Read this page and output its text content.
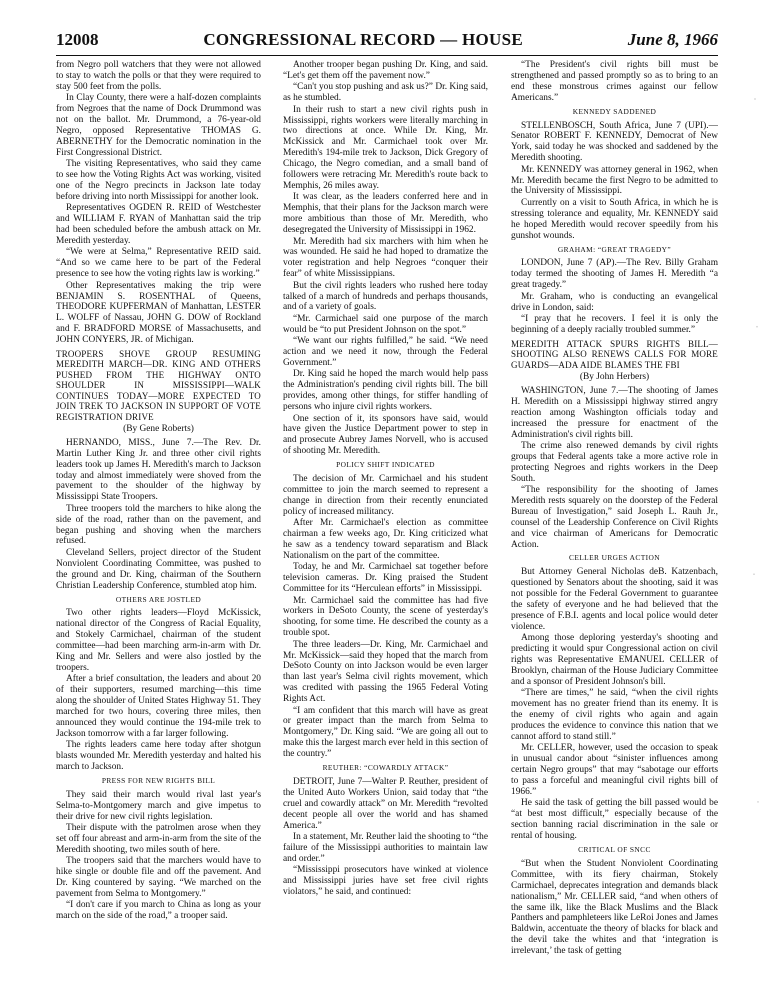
12008	CONGRESSIONAL RECORD — HOUSE	June 8, 1966

from Negro poll watchers that they were not allowed to stay to watch the polls or that they were required to stay 500 feet from the polls.

In Clay County, there were a half-dozen complaints from Negroes that the name of Dock Drummond was not on the ballot. Mr. Drummond, a 76-year-old Negro, opposed Representative THOMAS G. ABERNETHY for the Democratic nomination in the First Congressional District.

The visiting Representatives, who said they came to see how the Voting Rights Act was working, visited one of the Negro precincts in Jackson late today before driving into north Mississippi for another look.

Representatives OGDEN R. REID of Westchester and WILLIAM F. RYAN of Manhattan said the trip had been scheduled before the ambush attack on Mr. Meredith yesterday.

“We were at Selma,” Representative REID said. “And so we came here to be part of the Federal presence to see how the voting rights law is working.”

Other Representatives making the trip were BENJAMIN S. ROSENTHAL of Queens, THEODORE KUPFERMAN of Manhattan, LESTER L. WOLFF of Nassau, JOHN G. DOW of Rockland and F. BRADFORD MORSE of Massachusetts, and JOHN CONYERS, JR. of Michigan.

TROOPERS SHOVE GROUP RESUMING MEREDITH MARCH—DR. KING AND OTHERS PUSHED FROM THE HIGHWAY ONTO SHOULDER IN MISSISSIPPI—WALK CONTINUES TODAY—MORE EXPECTED TO JOIN TREK TO JACKSON IN SUPPORT OF VOTE REGISTRATION DRIVE
(By Gene Roberts)

HERNANDO, MISS., June 7.—The Rev. Dr. Martin Luther King Jr. and three other civil rights leaders took up James H. Meredith's march to Jackson today and almost immediately were shoved from the pavement to the shoulder of the highway by Mississippi State Troopers.

Three troopers told the marchers to hike along the side of the road, rather than on the pavement, and began pushing and shoving when the marchers refused.

Cleveland Sellers, project director of the Student Nonviolent Coordinating Committee, was pushed to the ground and Dr. King, chairman of the Southern Christian Leadership Conference, stumbled atop him.

OTHERS ARE JOSTLED

Two other rights leaders—Floyd McKissick, national director of the Congress of Racial Equality, and Stokely Carmichael, chairman of the student committee—had been marching arm-in-arm with Dr. King and Mr. Sellers and were also jostled by the troopers.

After a brief consultation, the leaders and about 20 of their supporters, resumed marching—this time along the shoulder of United States Highway 51. They marched for two hours, covering three miles, then announced they would continue the 194-mile trek to Jackson tomorrow with a far larger following.

The rights leaders came here today after shotgun blasts wounded Mr. Meredith yesterday and halted his march to Jackson.

PRESS FOR NEW RIGHTS BILL

They said their march would rival last year's Selma-to-Montgomery march and give impetus to their drive for new civil rights legislation.

Their dispute with the patrolmen arose when they set off four abreast and arm-in-arm from the site of the Meredith shooting, two miles south of here.

The troopers said that the marchers would have to hike single or double file and off the pavement. And Dr. King countered by saying. “We marched on the pavement from Selma to Montgomery.”

“I don't care if you march to China as long as your march on the side of the road,” a trooper said.

Another trooper began pushing Dr. King, and said. “Let's get them off the pavement now.”

“Can't you stop pushing and ask us?” Dr. King said, as he stumbled.

In their rush to start a new civil rights push in Mississippi, rights workers were literally marching in two directions at once. While Dr. King, Mr. McKissick and Mr. Carmichael took over Mr. Meredith's 194-mile trek to Jackson, Dick Gregory of Chicago, the Negro comedian, and a small band of followers were retracing Mr. Meredith's route back to Memphis, 26 miles away.

It was clear, as the leaders conferred here and in Memphis, that their plans for the Jackson march were more ambitious than those of Mr. Meredith, who desegregated the University of Mississippi in 1962.

Mr. Meredith had six marchers with him when he was wounded. He said he had hoped to dramatize the voter registration and help Negroes “conquer their fear” of white Mississippians.

But the civil rights leaders who rushed here today talked of a march of hundreds and perhaps thousands, and of a variety of goals.

“Mr. Carmichael said one purpose of the march would be “to put President Johnson on the spot.”

“We want our rights fulfilled,” he said. “We need action and we need it now, through the Federal Government.”

Dr. King said he hoped the march would help pass the Administration's pending civil rights bill. The bill provides, among other things, for stiffer handling of persons who injure civil rights workers.

One section of it, its sponsors have said, would have given the Justice Department power to step in and prosecute Aubrey James Norvell, who is accused of shooting Mr. Meredith.

POLICY SHIFT INDICATED

The decision of Mr. Carmichael and his student committee to join the march seemed to represent a change in direction from their recently enunciated policy of increased militancy.

After Mr. Carmichael's election as committee chairman a few weeks ago, Dr. King criticized what he saw as a tendency toward separatism and Black Nationalism on the part of the committee.

Today, he and Mr. Carmichael sat together before television cameras. Dr. King praised the Student Committee for its “Herculean efforts” in Mississippi.

Mr. Carmichael said the committee has had five workers in DeSoto County, the scene of yesterday's shooting, for some time. He described the county as a trouble spot.

The three leaders—Dr. King, Mr. Carmichael and Mr. McKissick—said they hoped that the march from DeSoto County on into Jackson would be even larger than last year's Selma civil rights movement, which was credited with passing the 1965 Federal Voting Rights Act.

“I am confident that this march will have as great or greater impact than the march from Selma to Montgomery,” Dr. King said. “We are going all out to make this the largest march ever held in this section of the country.”

REUTHER: “COWARDLY ATTACK”

DETROIT, June 7—Walter P. Reuther, president of the United Auto Workers Union, said today that “the cruel and cowardly attack” on Mr. Meredith “revolted decent people all over the world and has shamed America.”

In a statement, Mr. Reuther laid the shooting to “the failure of the Mississippi authorities to maintain law and order.”

“Mississippi prosecutors have winked at violence and Mississippi juries have set free civil rights violators,” he said, and continued:

“The President's civil rights bill must be strengthened and passed promptly so as to bring to an end these monstrous crimes against our fellow Americans.”

KENNEDY SADDENED

STELLENBOSCH, South Africa, June 7 (UPI).—Senator ROBERT F. KENNEDY, Democrat of New York, said today he was shocked and saddened by the Meredith shooting.

Mr. KENNEDY was attorney general in 1962, when Mr. Meredith became the first Negro to be admitted to the University of Mississippi.

Currently on a visit to South Africa, in which he is stressing tolerance and equality, Mr. KENNEDY said he hoped Meredith would recover speedily from his gunshot wounds.

GRAHAM: “GREAT TRAGEDY”

LONDON, June 7 (AP).—The Rev. Billy Graham today termed the shooting of James H. Meredith “a great tragedy.”

Mr. Graham, who is conducting an evangelical drive in London, said:

“I pray that he recovers. I feel it is only the beginning of a deeply racially troubled summer.”

MEREDITH ATTACK SPURS RIGHTS BILL—SHOOTING ALSO RENEWS CALLS FOR MORE GUARDS—ADA AIDE BLAMES THE FBI
(By John Herbers)

WASHINGTON, June 7.—The shooting of James H. Meredith on a Mississippi highway stirred angry reaction among Washington officials today and increased the pressure for enactment of the Administration's civil rights bill.

The crime also renewed demands by civil rights groups that Federal agents take a more active role in protecting Negroes and rights workers in the Deep South.

“The responsibility for the shooting of James Meredith rests squarely on the doorstep of the Federal Bureau of Investigation,” said Joseph L. Rauh Jr., counsel of the Leadership Conference on Civil Rights and vice chairman of Americans for Democratic Action.

CELLER URGES ACTION

But Attorney General Nicholas deB. Katzenbach, questioned by Senators about the shooting, said it was not possible for the Federal Government to guarantee the safety of everyone and he had believed that the presence of F.B.I. agents and local police would deter violence.

Among those deploring yesterday's shooting and predicting it would spur Congressional action on civil rights was Representative EMANUEL CELLER of Brooklyn, chairman of the House Judiciary Committee and a sponsor of President Johnson's bill.

“There are times,” he said, “when the civil rights movement has no greater friend than its enemy. It is the enemy of civil rights who again and again produces the evidence to convince this nation that we cannot afford to stand still.”

Mr. CELLER, however, used the occasion to speak in unusual candor about “sinister influences among certain Negro groups” that may “sabotage our efforts to pass a forceful and meaningful civil rights bill of 1966.”

He said the task of getting the bill passed would be “at best most difficult,” especially because of the section banning racial discrimination in the sale or rental of housing.

CRITICAL OF SNCC

“But when the Student Nonviolent Coordinating Committee, with its fiery chairman, Stokely Carmichael, deprecates integration and demands black nationalism,” Mr. CELLER said, “and when others of the same ilk, like the Black Muslims and the Black Panthers and pamphleteers like LeRoi Jones and James Baldwin, accentuate the theory of blacks for black and the devil take the whites and that ‘integration is irrelevant,’ the task of getting
